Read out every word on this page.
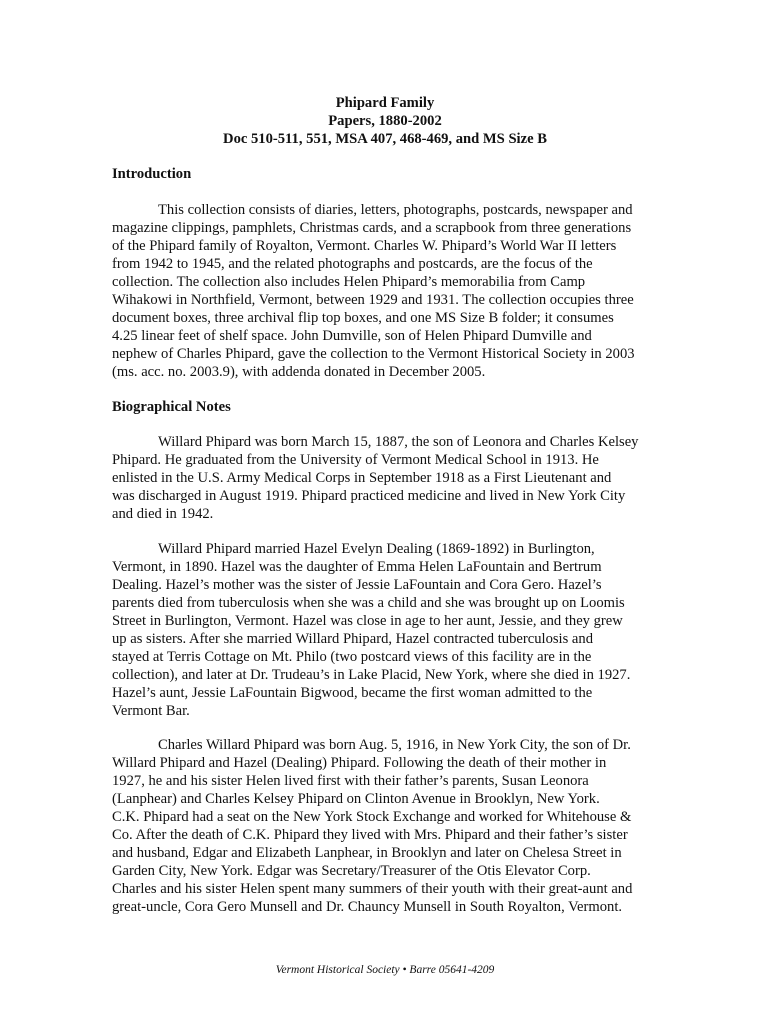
Phipard Family
Papers, 1880-2002
Doc 510-511, 551, MSA 407, 468-469, and MS Size B
Introduction
This collection consists of diaries, letters, photographs, postcards, newspaper and
magazine clippings, pamphlets, Christmas cards, and a scrapbook from three generations
of the Phipard family of Royalton, Vermont. Charles W. Phipard’s World War II letters
from 1942 to 1945, and the related photographs and postcards, are the focus of the
collection. The collection also includes Helen Phipard’s memorabilia from Camp
Wihakowi in Northfield, Vermont, between 1929 and 1931. The collection occupies three
document boxes, three archival flip top boxes, and one MS Size B folder; it consumes
4.25 linear feet of shelf space. John Dumville, son of Helen Phipard Dumville and
nephew of Charles Phipard, gave the collection to the Vermont Historical Society in 2003
(ms. acc. no. 2003.9), with addenda donated in December 2005.
Biographical Notes
Willard Phipard was born March 15, 1887, the son of Leonora and Charles Kelsey
Phipard. He graduated from the University of Vermont Medical School in 1913. He
enlisted in the U.S. Army Medical Corps in September 1918 as a First Lieutenant and
was discharged in August 1919. Phipard practiced medicine and lived in New York City
and died in 1942.
Willard Phipard married Hazel Evelyn Dealing (1869-1892) in Burlington,
Vermont, in 1890. Hazel was the daughter of Emma Helen LaFountain and Bertrum
Dealing. Hazel’s mother was the sister of Jessie LaFountain and Cora Gero. Hazel’s
parents died from tuberculosis when she was a child and she was brought up on Loomis
Street in Burlington, Vermont. Hazel was close in age to her aunt, Jessie, and they grew
up as sisters. After she married Willard Phipard, Hazel contracted tuberculosis and
stayed at Terris Cottage on Mt. Philo (two postcard views of this facility are in the
collection), and later at Dr. Trudeau’s in Lake Placid, New York, where she died in 1927.
Hazel’s aunt, Jessie LaFountain Bigwood, became the first woman admitted to the
Vermont Bar.
Charles Willard Phipard was born Aug. 5, 1916, in New York City, the son of Dr.
Willard Phipard and Hazel (Dealing) Phipard. Following the death of their mother in
1927, he and his sister Helen lived first with their father’s parents, Susan Leonora
(Lanphear) and Charles Kelsey Phipard on Clinton Avenue in Brooklyn, New York.
C.K. Phipard had a seat on the New York Stock Exchange and worked for Whitehouse &
Co. After the death of C.K. Phipard they lived with Mrs. Phipard and their father’s sister
and husband, Edgar and Elizabeth Lanphear, in Brooklyn and later on Chelesa Street in
Garden City, New York. Edgar was Secretary/Treasurer of the Otis Elevator Corp.
Charles and his sister Helen spent many summers of their youth with their great-aunt and
great-uncle, Cora Gero Munsell and Dr. Chauncy Munsell in South Royalton, Vermont.
Vermont Historical Society • Barre 05641-4209
